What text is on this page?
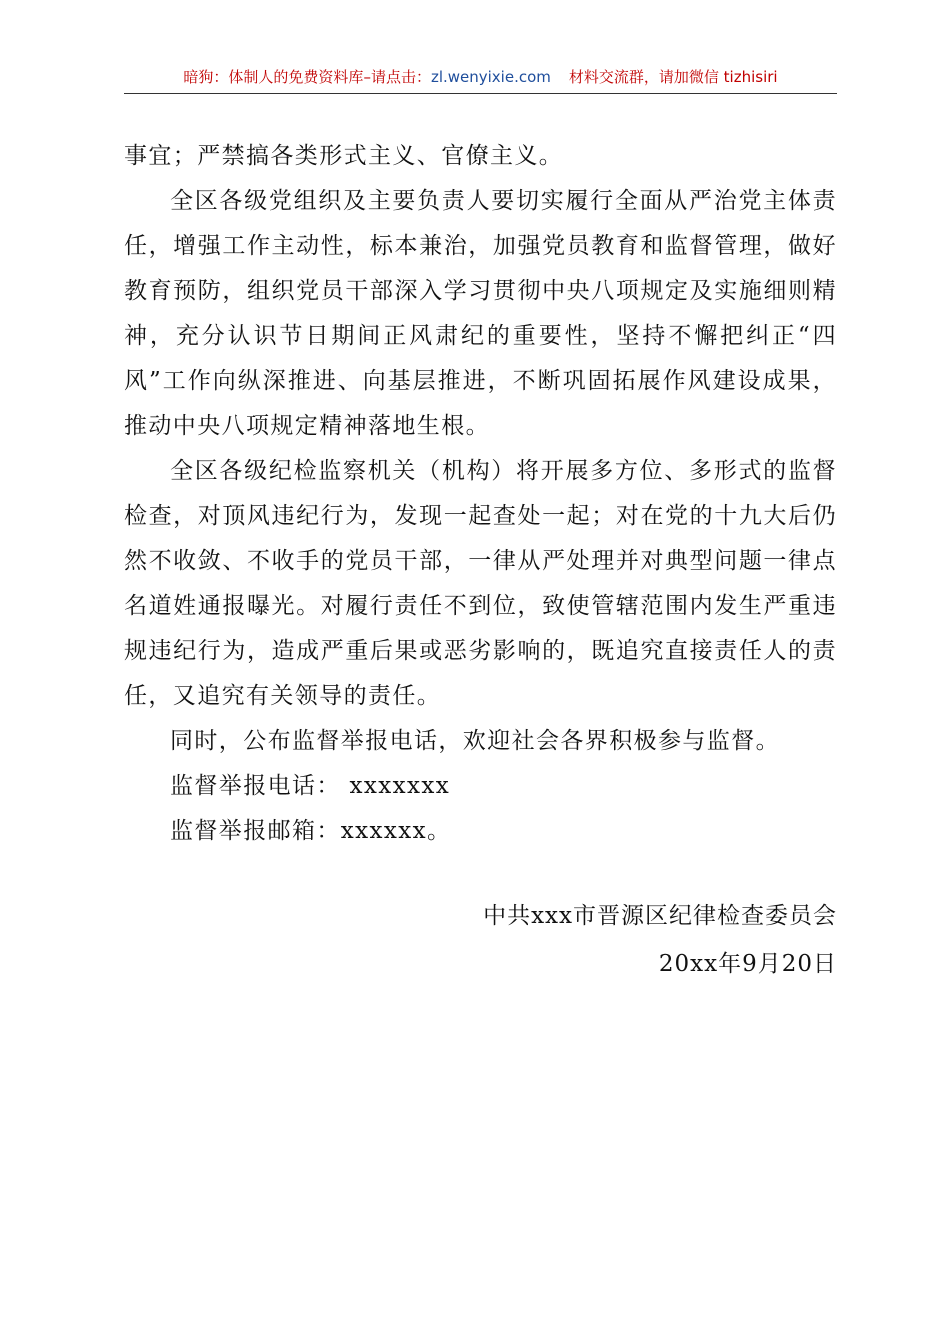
暗狗：体制人的免费资料库 –请点击： zl.wenyixie.com 材料交流群，请加微信 tizhisiri

事宜；严禁搞各类形式主义、官僚主义。

全区各级党组织及主要负责人要切实履行全面从严治党主体责任，增强工作主动性，标本兼治，加强党员教育和监督管理，做好教育预防，组织党员干部深入学习贯彻中央八项规定及实施细则精神，充分认识节日期间正风肃纪的重要性，坚持不懈把纠正“四风”工作向纵深推进、向基层推进，不断巩固拓展作风建设成果，推动中央八项规定精神落地生根。

全区各级纪检监察机关（机构）将开展多方位、多形式的监督检查，对顶风违纪行为，发现一起查处一起；对在党的十九大后仍然不收敛、不收手的党员干部，一律从严处理并对典型问题一律点名道姓通报曝光。对履行责任不到位，致使管辖范围内发生严重违规违纪行为，造成严重后果或恶劣影响的，既追究直接责任人的责任，又追究有关领导的责任。

同时，公布监督举报电话，欢迎社会各界积极参与监督。

监督举报电话： xxxxxxx

监督举报邮箱：xxxxxx。

中共xxx市晋源区纪律检查委员会
20xx年9月20日
